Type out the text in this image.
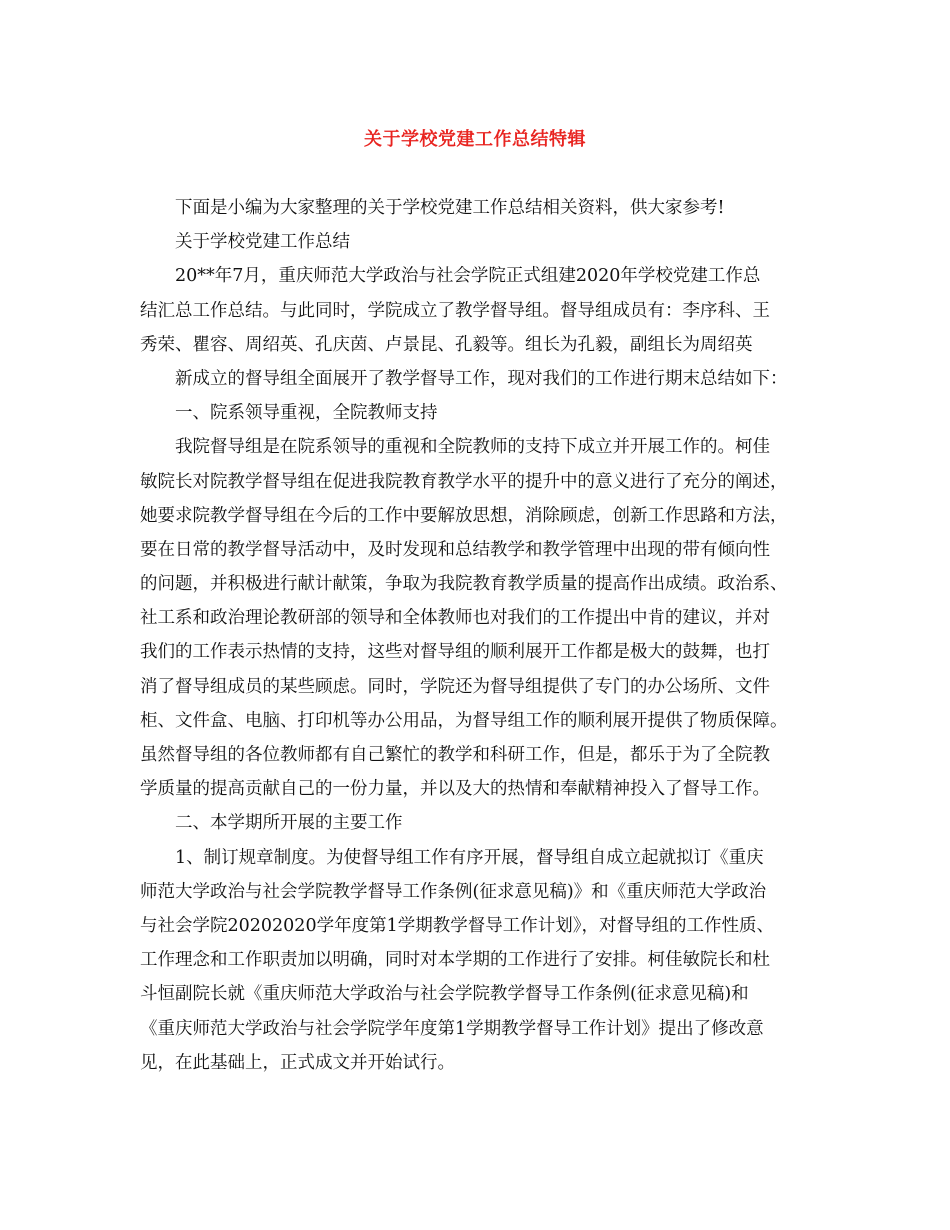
关于学校党建工作总结特辑
下面是小编为大家整理的关于学校党建工作总结相关资料，供大家参考!
关于学校党建工作总结
20**年7月，重庆师范大学政治与社会学院正式组建2020年学校党建工作总
结汇总工作总结。与此同时，学院成立了教学督导组。督导组成员有：李序科、王
秀荣、瞿容、周绍英、孔庆茵、卢景昆、孔毅等。组长为孔毅，副组长为周绍英
新成立的督导组全面展开了教学督导工作，现对我们的工作进行期末总结如下：
一、院系领导重视，全院教师支持
我院督导组是在院系领导的重视和全院教师的支持下成立并开展工作的。柯佳
敏院长对院教学督导组在促进我院教育教学水平的提升中的意义进行了充分的阐述，
她要求院教学督导组在今后的工作中要解放思想，消除顾虑，创新工作思路和方法，
要在日常的教学督导活动中，及时发现和总结教学和教学管理中出现的带有倾向性
的问题，并积极进行献计献策，争取为我院教育教学质量的提高作出成绩。政治系、
社工系和政治理论教研部的领导和全体教师也对我们的工作提出中肯的建议，并对
我们的工作表示热情的支持，这些对督导组的顺利展开工作都是极大的鼓舞，也打
消了督导组成员的某些顾虑。同时，学院还为督导组提供了专门的办公场所、文件
柜、文件盒、电脑、打印机等办公用品，为督导组工作的顺利展开提供了物质保障。
虽然督导组的各位教师都有自己繁忙的教学和科研工作，但是，都乐于为了全院教
学质量的提高贡献自己的一份力量，并以及大的热情和奉献精神投入了督导工作。
二、本学期所开展的主要工作
1、制订规章制度。为使督导组工作有序开展，督导组自成立起就拟订《重庆
师范大学政治与社会学院教学督导工作条例(征求意见稿)》和《重庆师范大学政治
与社会学院20202020学年度第1学期教学督导工作计划》，对督导组的工作性质、
工作理念和工作职责加以明确，同时对本学期的工作进行了安排。柯佳敏院长和杜
斗恒副院长就《重庆师范大学政治与社会学院教学督导工作条例(征求意见稿)和
《重庆师范大学政治与社会学院学年度第1学期教学督导工作计划》提出了修改意
见，在此基础上，正式成文并开始试行。
